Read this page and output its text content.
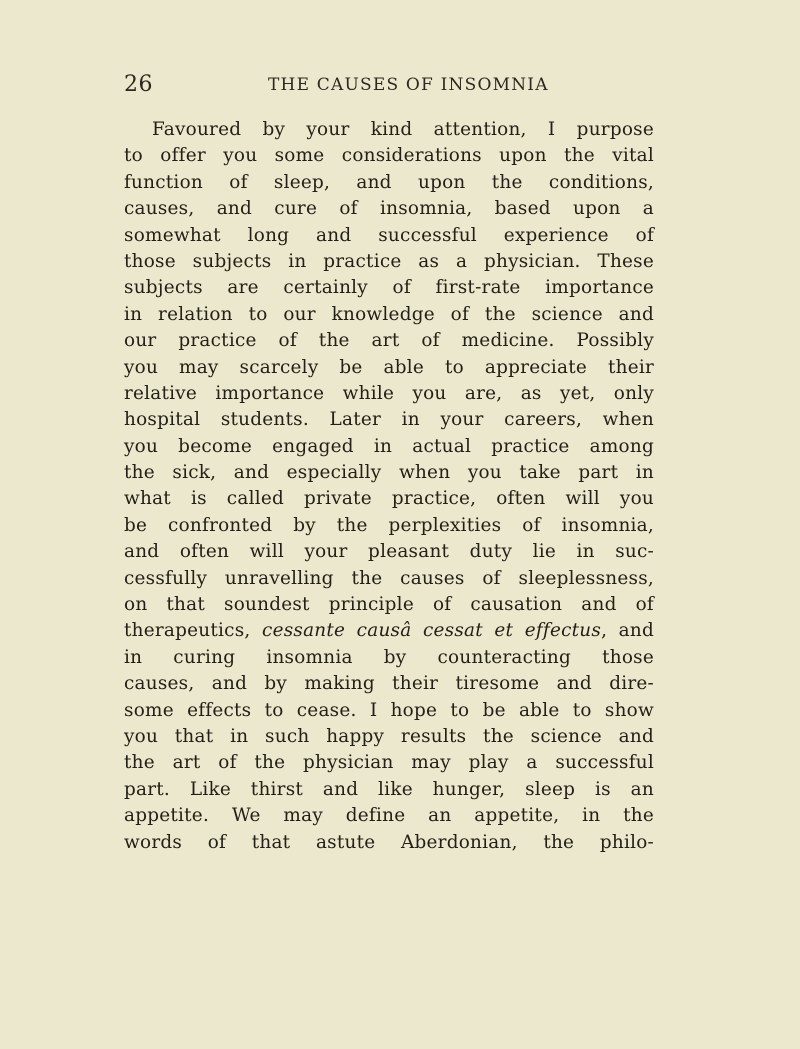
26	THE CAUSES OF INSOMNIA
Favoured by your kind attention, I purpose
to offer you some considerations upon the vital
function of sleep, and upon the conditions,
causes, and cure of insomnia, based upon a
somewhat long and successful experience of
those subjects in practice as a physician. These
subjects are certainly of first-rate importance
in relation to our knowledge of the science and
our practice of the art of medicine. Possibly
you may scarcely be able to appreciate their
relative importance while you are, as yet, only
hospital students. Later in your careers, when
you become engaged in actual practice among
the sick, and especially when you take part in
what is called private practice, often will you
be confronted by the perplexities of insomnia,
and often will your pleasant duty lie in suc-
cessfully unravelling the causes of sleeplessness,
on that soundest principle of causation and of
therapeutics, cessante causâ cessat et effectus, and
in curing insomnia by counteracting those
causes, and by making their tiresome and dire-
some effects to cease. I hope to be able to show
you that in such happy results the science and
the art of the physician may play a successful
part. Like thirst and like hunger, sleep is an
appetite. We may define an appetite, in the
words of that astute Aberdonian, the philo-
